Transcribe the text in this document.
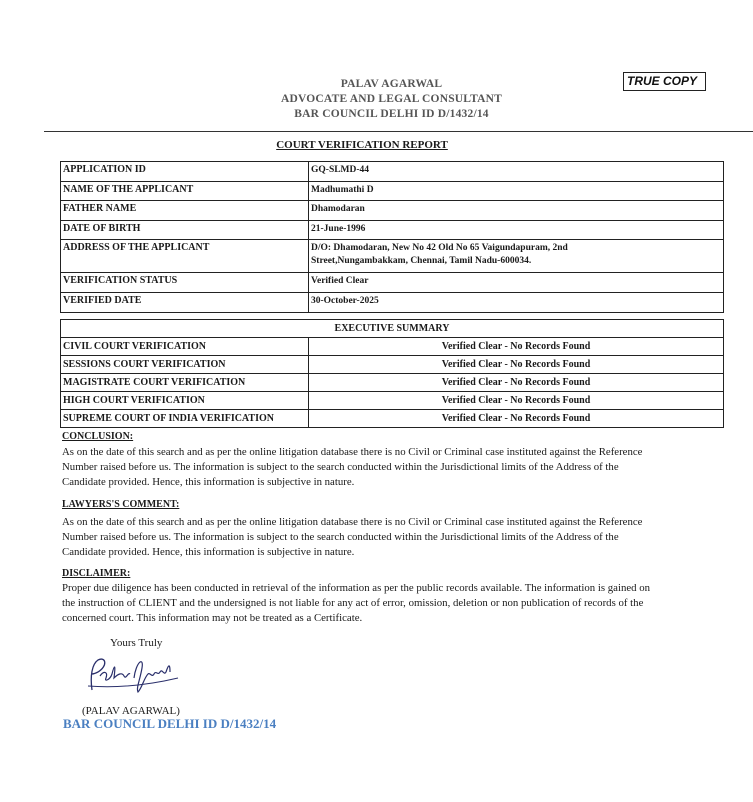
PALAV AGARWAL
ADVOCATE AND LEGAL CONSULTANT
BAR COUNCIL DELHI ID D/1432/14
TRUE COPY
COURT VERIFICATION REPORT
APPLICATION ID	GQ-SLMD-44
NAME OF THE APPLICANT	Madhumathi D
FATHER NAME	Dhamodaran
DATE OF BIRTH	21-June-1996
ADDRESS OF THE APPLICANT	D/O: Dhamodaran, New No 42 Old No 65 Vaigundapuram, 2nd
Street,Nungambakkam, Chennai, Tamil Nadu-600034.

VERIFICATION STATUS	Verified Clear
VERIFIED DATE	30-October-2025
EXECUTIVE SUMMARY	
CIVIL COURT VERIFICATION	Verified Clear - No Records Found
SESSIONS COURT VERIFICATION	Verified Clear - No Records Found
MAGISTRATE COURT VERIFICATION	Verified Clear - No Records Found
HIGH COURT VERIFICATION	Verified Clear - No Records Found
SUPREME COURT OF INDIA VERIFICATION	Verified Clear - No Records Found
CONCLUSION:
As on the date of this search and as per the online litigation database there is no Civil or Criminal case instituted against the Reference
Number raised before us. The information is subject to the search conducted within the Jurisdictional limits of the Address of the
Candidate provided. Hence, this information is subjective in nature.
LAWYERS'S COMMENT:
As on the date of this search and as per the online litigation database there is no Civil or Criminal case instituted against the Reference
Number raised before us. The information is subject to the search conducted within the Jurisdictional limits of the Address of the
Candidate provided. Hence, this information is subjective in nature.
DISCLAIMER:
Proper due diligence has been conducted in retrieval of the information as per the public records available. The information is gained on
the instruction of CLIENT and the undersigned is not liable for any act of error, omission, deletion or non publication of records of the
concerned court. This information may not be treated as a Certificate.
Yours Truly
(PALAV AGARWAL)
BAR COUNCIL DELHI ID D/1432/14
